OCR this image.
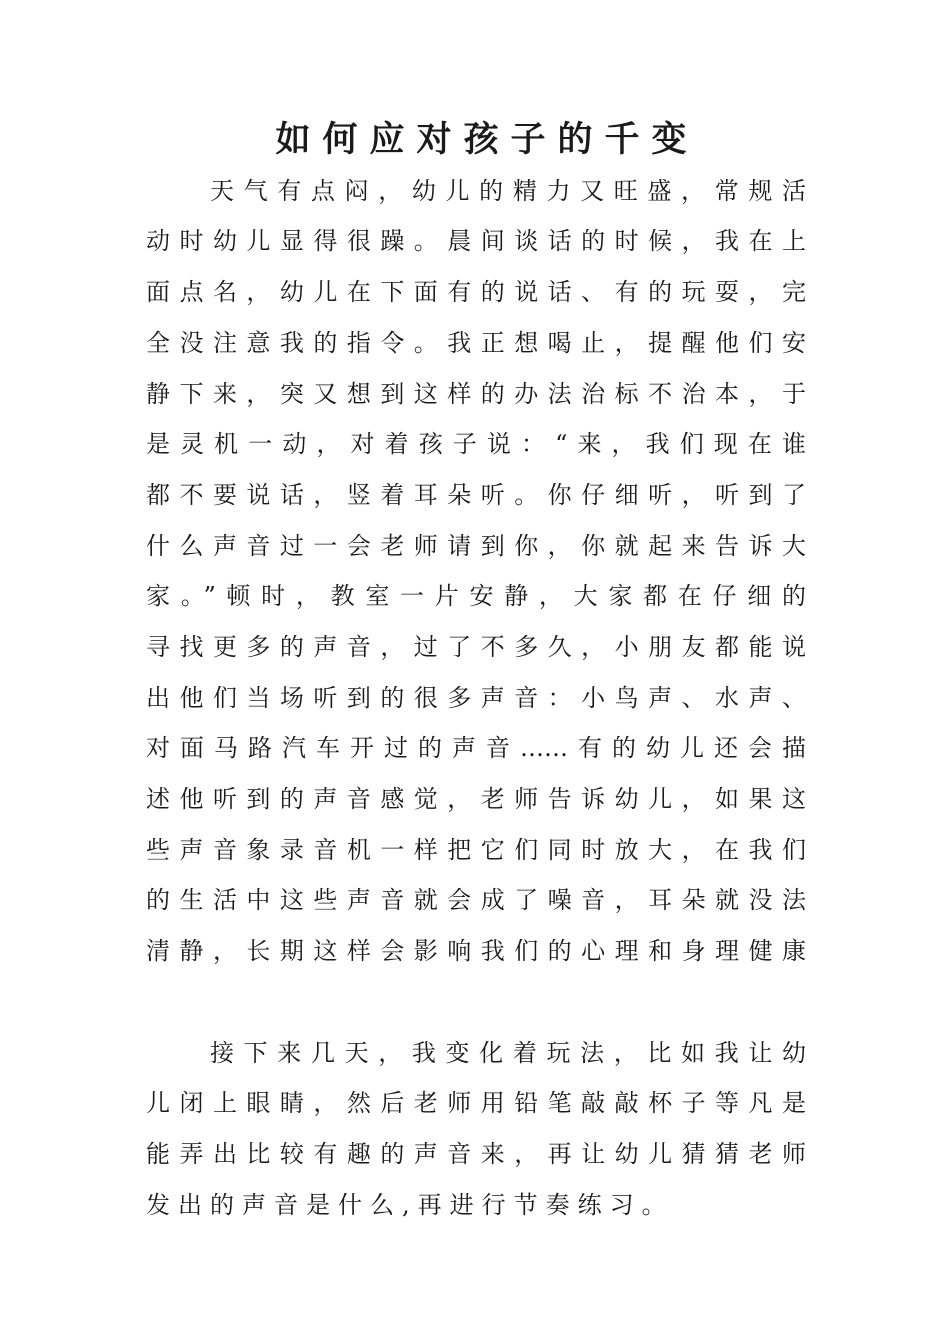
如何应对孩子的千变
天气有点闷，幼儿的精力又旺盛，常规活
动时幼儿显得很躁。晨间谈话的时候，我在上
面点名，幼儿在下面有的说话、有的玩耍，完
全没注意我的指令。我正想喝止，提醒他们安
静下来，突又想到这样的办法治标不治本，于
是灵机一动，对着孩子说：“来，我们现在谁
都不要说话，竖着耳朵听。你仔细听，听到了
什么声音过一会老师请到你，你就起来告诉大
家。”顿时，教室一片安静，大家都在仔细的
寻找更多的声音，过了不多久，小朋友都能说
出他们当场听到的很多声音：小鸟声、水声、
对面马路汽车开过的声音……有的幼儿还会描
述他听到的声音感觉，老师告诉幼儿，如果这
些声音象录音机一样把它们同时放大，在我们
的生活中这些声音就会成了噪音，耳朵就没法
清静，长期这样会影响我们的心理和身理健康
接下来几天，我变化着玩法，比如我让幼
儿闭上眼睛，然后老师用铅笔敲敲杯子等凡是
能弄出比较有趣的声音来，再让幼儿猜猜老师
发出的声音是什么,再进行节奏练习。
